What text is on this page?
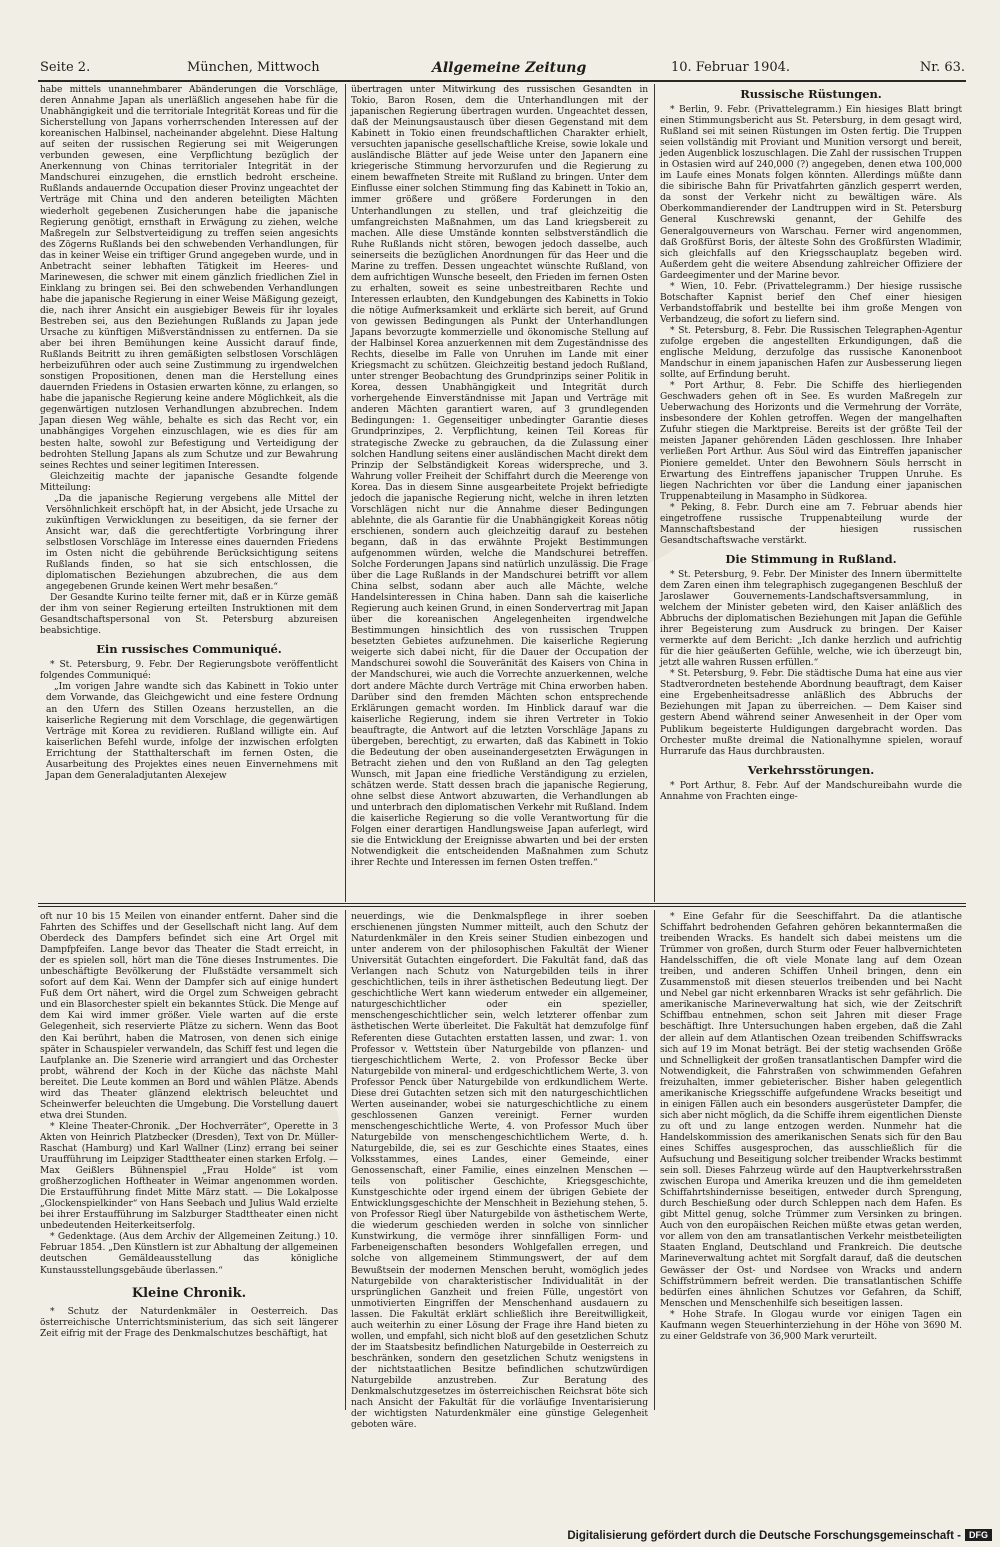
Seite 2.	München, Mittwoch	Allgemeine Zeitung	10. Februar 1904.	Nr. 63.

habe mittels unannehmbarer Abänderungen die Vorschläge, deren Annahme Japan als unerläßlich angesehen habe für die Unabhängigkeit und die territoriale Integrität Koreas und für die Sicherstellung von Japans vorherrschenden Interessen auf der koreanischen Halbinsel, nacheinander abgelehnt. Diese Haltung auf seiten der russischen Regierung sei mit Weigerungen verbunden gewesen, eine Verpflichtung bezüglich der Anerkennung von Chinas territorialer Integrität in der Mandschurei einzugehen, die ernstlich bedroht erscheine. Rußlands andauernde Occupation dieser Provinz ungeachtet der Verträge mit China und den anderen beteiligten Mächten wiederholt gegebenen Zusicherungen habe die japanische Regierung genötigt, ernsthaft in Erwägung zu ziehen, welche Maßregeln zur Selbstverteidigung zu treffen seien angesichts des Zögerns Rußlands bei den schwebenden Verhandlungen, für das in keiner Weise ein triftiger Grund angegeben wurde, und in Anbetracht seiner lebhaften Tätigkeit im Heeres- und Marinewesen, die schwer mit einem gänzlich friedlichen Ziel in Einklang zu bringen sei. Bei den schwebenden Verhandlungen habe die japanische Regierung in einer Weise Mäßigung gezeigt, die, nach ihrer Ansicht ein ausgiebiger Beweis für ihr loyales Bestreben sei, aus den Beziehungen Rußlands zu Japan jede Ursache zu künftigen Mißverständnissen zu entfernen. Da sie aber bei ihren Bemühungen keine Aussicht darauf finde, Rußlands Beitritt zu ihren gemäßigten selbstlosen Vorschlägen herbeizuführen oder auch seine Zustimmung zu irgendwelchen sonstigen Propositionen, denen man die Herstellung eines dauernden Friedens in Ostasien erwarten könne, zu erlangen, so habe die japanische Regierung keine andere Möglichkeit, als die gegenwärtigen nutzlosen Verhandlungen abzubrechen. Indem Japan diesen Weg wähle, behalte es sich das Recht vor, ein unabhängiges Vorgehen einzuschlagen, wie es dies für am besten halte, sowohl zur Befestigung und Verteidigung der bedrohten Stellung Japans als zum Schutze und zur Bewahrung seines Rechtes und seiner legitimen Interessen.

Gleichzeitig machte der japanische Gesandte folgende Mitteilung:

„Da die japanische Regierung vergebens alle Mittel der Versöhnlichkeit erschöpft hat, in der Absicht, jede Ursache zu zukünftigen Verwicklungen zu beseitigen, da sie ferner der Ansicht war, daß die gerechtfertigte Vorbringung ihrer selbstlosen Vorschläge im Interesse eines dauernden Friedens im Osten nicht die gebührende Berücksichtigung seitens Rußlands finden, so hat sie sich entschlossen, die diplomatischen Beziehungen abzubrechen, die aus dem angegebenen Grunde keinen Wert mehr besaßen.“

Der Gesandte Kurino teilte ferner mit, daß er in Kürze gemäß der ihm von seiner Regierung erteilten Instruktionen mit dem Gesandtschaftspersonal von St. Petersburg abzureisen beabsichtige.

Ein russisches Communiqué.

* St. Petersburg, 9. Febr. Der Regierungsbote veröffentlicht folgendes Communiqué:

„Im vorigen Jahre wandte sich das Kabinett in Tokio unter dem Vorwande, das Gleichgewicht und eine festere Ordnung an den Ufern des Stillen Ozeans herzustellen, an die kaiserliche Regierung mit dem Vorschlage, die gegenwärtigen Verträge mit Korea zu revidieren. Rußland willigte ein. Auf kaiserlichen Befehl wurde, infolge der inzwischen erfolgten Errichtung der Statthalterschaft im fernen Osten, die Ausarbeitung des Projektes eines neuen Einvernehmens mit Japan dem Generaladjutanten Alexejew

übertragen unter Mitwirkung des russischen Gesandten in Tokio, Baron Rosen, dem die Unterhandlungen mit der japanischen Regierung übertragen wurden. Ungeachtet dessen, daß der Meinungsaustausch über diesen Gegenstand mit dem Kabinett in Tokio einen freundschaftlichen Charakter erhielt, versuchten japanische gesellschaftliche Kreise, sowie lokale und ausländische Blätter auf jede Weise unter den Japanern eine kriegerische Stimmung hervorzurufen und die Regierung zu einem bewaffneten Streite mit Rußland zu bringen. Unter dem Einflusse einer solchen Stimmung fing das Kabinett in Tokio an, immer größere und größere Forderungen in den Unterhandlungen zu stellen, und traf gleichzeitig die umfangreichsten Maßnahmen, um das Land kriegsbereit zu machen. Alle diese Umstände konnten selbstverständlich die Ruhe Rußlands nicht stören, bewogen jedoch dasselbe, auch seinerseits die bezüglichen Anordnungen für das Heer und die Marine zu treffen. Dessen ungeachtet wünschte Rußland, von dem aufrichtigen Wunsche beseelt, den Frieden im fernen Osten zu erhalten, soweit es seine unbestreitbaren Rechte und Interessen erlaubten, den Kundgebungen des Kabinetts in Tokio die nötige Aufmerksamkeit und erklärte sich bereit, auf Grund von gewissen Bedingungen als Punkt der Unterhandlungen Japans bevorzugte kommerzielle und ökonomische Stellung auf der Halbinsel Korea anzuerkennen mit dem Zugeständnisse des Rechts, dieselbe im Falle von Unruhen im Lande mit einer Kriegsmacht zu schützen. Gleichzeitig bestand jedoch Rußland, unter strenger Beobachtung des Grundprinzips seiner Politik in Korea, dessen Unabhängigkeit und Integrität durch vorhergehende Einverständnisse mit Japan und Verträge mit anderen Mächten garantiert waren, auf 3 grundlegenden Bedingungen: 1. Gegenseitiger unbedingter Garantie dieses Grundprinzipes, 2. Verpflichtung, keinen Teil Koreas für strategische Zwecke zu gebrauchen, da die Zulassung einer solchen Handlung seitens einer ausländischen Macht direkt dem Prinzip der Selbständigkeit Koreas widerspreche, und 3. Wahrung voller Freiheit der Schiffahrt durch die Meerenge von Korea. Das in diesem Sinne ausgearbeitete Projekt befriedigte jedoch die japanische Regierung nicht, welche in ihren letzten Vorschlägen nicht nur die Annahme dieser Bedingungen ablehnte, die als Garantie für die Unabhängigkeit Koreas nötig erschienen, sondern auch gleichzeitig darauf zu bestehen begann, daß in das erwähnte Projekt Bestimmungen aufgenommen würden, welche die Mandschurei betreffen. Solche Forderungen Japans sind natürlich unzulässig. Die Frage über die Lage Rußlands in der Mandschurei betrifft vor allem China selbst, sodann aber auch alle Mächte, welche Handelsinteressen in China haben. Dann sah die kaiserliche Regierung auch keinen Grund, in einen Sondervertrag mit Japan über die koreanischen Angelegenheiten irgendwelche Bestimmungen hinsichtlich des von russischen Truppen besetzten Gebietes aufzunehmen. Die kaiserliche Regierung weigerte sich dabei nicht, für die Dauer der Occupation der Mandschurei sowohl die Souveränität des Kaisers von China in der Mandschurei, wie auch die Vorrechte anzuerkennen, welche dort andere Mächte durch Verträge mit China erworben haben. Darüber sind den fremden Mächten schon entsprechende Erklärungen gemacht worden. Im Hinblick darauf war die kaiserliche Regierung, indem sie ihren Vertreter in Tokio beauftragte, die Antwort auf die letzten Vorschläge Japans zu übergeben, berechtigt, zu erwarten, daß das Kabinett in Tokio die Bedeutung der oben auseinandergesetzten Erwägungen in Betracht ziehen und den von Rußland an den Tag gelegten Wunsch, mit Japan eine friedliche Verständigung zu erzielen, schätzen werde. Statt dessen brach die japanische Regierung, ohne selbst diese Antwort abzuwarten, die Verhandlungen ab und unterbrach den diplomatischen Verkehr mit Rußland. Indem die kaiserliche Regierung so die volle Verantwortung für die Folgen einer derartigen Handlungsweise Japan auferlegt, wird sie die Entwicklung der Ereignisse abwarten und bei der ersten Notwendigkeit die entscheidenden Maßnahmen zum Schutz ihrer Rechte und Interessen im fernen Osten treffen.“

Russische Rüstungen.

* Berlin, 9. Febr. (Privattelegramm.) Ein hiesiges Blatt bringt einen Stimmungsbericht aus St. Petersburg, in dem gesagt wird, Rußland sei mit seinen Rüstungen im Osten fertig. Die Truppen seien vollständig mit Proviant und Munition versorgt und bereit, jeden Augenblick loszuschlagen. Die Zahl der russischen Truppen in Ostasien wird auf 240,000 (?) angegeben, denen etwa 100,000 im Laufe eines Monats folgen könnten. Allerdings müßte dann die sibirische Bahn für Privatfahrten gänzlich gesperrt werden, da sonst der Verkehr nicht zu bewältigen wäre. Als Oberkommandierender der Landtruppen wird in St. Petersburg General Kuschrewski genannt, der Gehilfe des Generalgouverneurs von Warschau. Ferner wird angenommen, daß Großfürst Boris, der älteste Sohn des Großfürsten Wladimir, sich gleichfalls auf den Kriegsschauplatz begeben wird. Außerdem geht die weitere Absendung zahlreicher Offiziere der Gardeegimenter und der Marine bevor.

* Wien, 10. Febr. (Privattelegramm.) Der hiesige russische Botschafter Kapnist berief den Chef einer hiesigen Verbandstoffabrik und bestellte bei ihm große Mengen von Verbandzeug, die sofort zu liefern sind.

* St. Petersburg, 8. Febr. Die Russischen Telegraphen-Agentur zufolge ergeben die angestellten Erkundigungen, daß die englische Meldung, derzufolge das russische Kanonenboot Mandschur in einem japanischen Hafen zur Ausbesserung liegen sollte, auf Erfindung beruht.

* Port Arthur, 8. Febr. Die Schiffe des hierliegenden Geschwaders gehen oft in See. Es wurden Maßregeln zur Ueberwachung des Horizonts und die Vermehrung der Vorräte, insbesondere der Kohlen getroffen. Wegen der mangelhaften Zufuhr stiegen die Marktpreise. Bereits ist der größte Teil der meisten Japaner gehörenden Läden geschlossen. Ihre Inhaber verließen Port Arthur. Aus Söul wird das Eintreffen japanischer Pioniere gemeldet. Unter den Bewohnern Söuls herrscht in Erwartung des Eintreffens japanischer Truppen Unruhe. Es liegen Nachrichten vor über die Landung einer japanischen Truppenabteilung in Masampho in Südkorea.

* Peking, 8. Febr. Durch eine am 7. Februar abends hier eingetroffene russische Truppenabteilung wurde der Mannschaftsbestand der hiesigen russischen Gesandtschaftswache verstärkt.

Die Stimmung in Rußland.

* St. Petersburg, 9. Febr. Der Minister des Innern übermittelte dem Zaren einen ihm telegraphisch zugegangenen Beschluß der Jaroslawer Gouvernements-Landschaftsversammlung, in welchem der Minister gebeten wird, den Kaiser anläßlich des Abbruchs der diplomatischen Beziehungen mit Japan die Gefühle ihrer Begeisterung zum Ausdruck zu bringen. Der Kaiser vermerkte auf dem Bericht: „Ich danke herzlich und aufrichtig für die hier geäußerten Gefühle, welche, wie ich überzeugt bin, jetzt alle wahren Russen erfüllen.“

* St. Petersburg, 9. Febr. Die städtische Duma hat eine aus vier Stadtverordneten bestehende Abordnung beauftragt, dem Kaiser eine Ergebenheitsadresse anläßlich des Abbruchs der Beziehungen mit Japan zu überreichen. — Dem Kaiser sind gestern Abend während seiner Anwesenheit in der Oper vom Publikum begeisterte Huldigungen dargebracht worden. Das Orchester mußte dreimal die Nationalhymne spielen, worauf Hurrarufe das Haus durchbrausten.

Verkehrsstörungen.

* Port Arthur, 8. Febr. Auf der Mandschureibahn wurde die Annahme von Frachten einge-

oft nur 10 bis 15 Meilen von einander entfernt. Daher sind die Fahrten des Schiffes und der Gesellschaft nicht lang. Auf dem Oberdeck des Dampfers befindet sich eine Art Orgel mit Dampfpfeifen. Lange bevor das Theater die Stadt erreicht, in der es spielen soll, hört man die Töne dieses Instrumentes. Die unbeschäftigte Bevölkerung der Flußstädte versammelt sich sofort auf dem Kai. Wenn der Dampfer sich auf einige hundert Fuß dem Ort nähert, wird die Orgel zum Schweigen gebracht und ein Blasorchester spielt ein bekanntes Stück. Die Menge auf dem Kai wird immer größer. Viele warten auf die erste Gelegenheit, sich reservierte Plätze zu sichern. Wenn das Boot den Kai berührt, haben die Matrosen, von denen sich einige später in Schauspieler verwandeln, das Schiff fest und legen die Laufplanke an. Die Szenerie wird arrangiert und das Orchester probt, während der Koch in der Küche das nächste Mahl bereitet. Die Leute kommen an Bord und wählen Plätze. Abends wird das Theater glänzend elektrisch beleuchtet und Scheinwerfer beleuchten die Umgebung. Die Vorstellung dauert etwa drei Stunden.

* Kleine Theater-Chronik. „Der Hochverräter“, Operette in 3 Akten von Heinrich Platzbecker (Dresden), Text von Dr. Müller-Raschat (Hamburg) und Karl Wallner (Linz) errang bei seiner Uraufführung im Leipziger Stadttheater einen starken Erfolg. — Max Geißlers Bühnenspiel „Frau Holde“ ist vom großherzoglichen Hoftheater in Weimar angenommen worden. Die Erstaufführung findet Mitte März statt. — Die Lokalposse „Glockenspielkinder“ von Hans Seebach und Julius Wald erzielte bei ihrer Erstaufführung im Salzburger Stadttheater einen nicht unbedeutenden Heiterkeitserfolg.

* Gedenktage. (Aus dem Archiv der Allgemeinen Zeitung.) 10. Februar 1854. „Den Künstlern ist zur Abhaltung der allgemeinen deutschen Gemäldeausstellung das königliche Kunstausstellungsgebäude überlassen.“

Kleine Chronik.

* Schutz der Naturdenkmäler in Oesterreich. Das österreichische Unterrichtsministerium, das sich seit längerer Zeit eifrig mit der Frage des Denkmalschutzes beschäftigt, hat

neuerdings, wie die Denkmalspflege in ihrer soeben erschienenen jüngsten Nummer mitteilt, auch den Schutz der Naturdenkmäler in den Kreis seiner Studien einbezogen und unter anderem von der philosophischen Fakultät der Wiener Universität Gutachten eingefordert. Die Fakultät fand, daß das Verlangen nach Schutz von Naturgebilden teils in ihrer geschichtlichen, teils in ihrer ästhetischen Bedeutung liegt. Der geschichtliche Wert kann wiederum entweder ein allgemeiner, naturgeschichtlicher oder ein spezieller, menschengeschichtlicher sein, welch letzterer offenbar zum ästhetischen Werte überleitet. Die Fakultät hat demzufolge fünf Referenten diese Gutachten erstatten lassen, und zwar: 1. von Professor v. Wettstein über Naturgebilde von pflanzen- und tiergeschichtlichem Werte, 2. von Professor Becke über Naturgebilde von mineral- und erdgeschichtlichem Werte, 3. von Professor Penck über Naturgebilde von erdkundlichem Werte. Diese drei Gutachten setzen sich mit den naturgeschichtlichen Werten auseinander, wobei sie naturgeschichtliche zu einem geschlossenen Ganzen vereinigt. Ferner wurden menschengeschichtliche Werte, 4. von Professor Much über Naturgebilde von menschengeschichtlichem Werte, d. h. Naturgebilde, die, sei es zur Geschichte eines Staates, eines Volksstammes, eines Landes, einer Gemeinde, einer Genossenschaft, einer Familie, eines einzelnen Menschen — teils von politischer Geschichte, Kriegsgeschichte, Kunstgeschichte oder irgend einem der übrigen Gebiete der Entwicklungsgeschichte der Menschheit in Beziehung stehen, 5. von Professor Riegl über Naturgebilde von ästhetischem Werte, die wiederum geschieden werden in solche von sinnlicher Kunstwirkung, die vermöge ihrer sinnfälligen Form- und Farbeneigenschaften besonders Wohlgefallen erregen, und solche von allgemeinem Stimmungswert, der auf dem Bewußtsein der modernen Menschen beruht, womöglich jedes Naturgebilde von charakteristischer Individualität in der ursprünglichen Ganzheit und freien Fülle, ungestört von unmotivierten Eingriffen der Menschenhand ausdauern zu lassen. Die Fakultät erklärt schließlich ihre Bereitwilligkeit, auch weiterhin zu einer Lösung der Frage ihre Hand bieten zu wollen, und empfahl, sich nicht bloß auf den gesetzlichen Schutz der im Staatsbesitz befindlichen Naturgebilde in Oesterreich zu beschränken, sondern den gesetzlichen Schutz wenigstens in der nichtstaatlichen Besitze befindlichen schutzwürdigen Naturgebilde anzustreben. Zur Beratung des Denkmalschutzgesetzes im österreichischen Reichsrat böte sich nach Ansicht der Fakultät für die vorläufige Inventarisierung der wichtigsten Naturdenkmäler eine günstige Gelegenheit geboten wäre.

* Eine Gefahr für die Seeschiffahrt. Da die atlantische Schiffahrt bedrohenden Gefahren gehören bekanntermaßen die treibenden Wracks. Es handelt sich dabei meistens um die Trümmer von großen, durch Sturm oder Feuer halbvernichteten Handelsschiffen, die oft viele Monate lang auf dem Ozean treiben, und anderen Schiffen Unheil bringen, denn ein Zusammenstoß mit diesen steuerlos treibenden und bei Nacht und Nebel gar nicht erkennbaren Wracks ist sehr gefährlich. Die amerikanische Marineverwaltung hat sich, wie der Zeitschrift Schiffbau entnehmen, schon seit Jahren mit dieser Frage beschäftigt. Ihre Untersuchungen haben ergeben, daß die Zahl der allein auf dem Atlantischen Ozean treibenden Schiffswracks sich auf 19 im Monat beträgt. Bei der stetig wachsenden Größe und Schnelligkeit der großen transatlantischen Dampfer wird die Notwendigkeit, die Fahrstraßen von schwimmenden Gefahren freizuhalten, immer gebieterischer. Bisher haben gelegentlich amerikanische Kriegsschiffe aufgefundene Wracks beseitigt und in einigen Fällen auch ein besonders ausgerüsteter Dampfer, die sich aber nicht möglich, da die Schiffe ihrem eigentlichen Dienste zu oft und zu lange entzogen werden. Nunmehr hat die Handelskommission des amerikanischen Senats sich für den Bau eines Schiffes ausgesprochen, das ausschließlich für die Aufsuchung und Beseitigung solcher treibender Wracks bestimmt sein soll. Dieses Fahrzeug würde auf den Hauptverkehrsstraßen zwischen Europa und Amerika kreuzen und die ihm gemeldeten Schiffahrtshindernisse beseitigen, entweder durch Sprengung, durch Beschießung oder durch Schleppen nach dem Hafen. Es gibt Mittel genug, solche Trümmer zum Versinken zu bringen. Auch von den europäischen Reichen müßte etwas getan werden, vor allem von den am transatlantischen Verkehr meistbeteiligten Staaten England, Deutschland und Frankreich. Die deutsche Marineverwaltung achtet mit Sorgfalt darauf, daß die deutschen Gewässer der Ost- und Nordsee von Wracks und andern Schiffstrümmern befreit werden. Die transatlantischen Schiffe bedürfen eines ähnlichen Schutzes vor Gefahren, da Schiff, Menschen und Menschenhilfe sich beseitigen lassen.

* Hohe Strafe. In Glogau wurde vor einigen Tagen ein Kaufmann wegen Steuerhinterziehung in der Höhe von 3690 M. zu einer Geldstrafe von 36,900 Mark verurteilt.

Digitalisierung gefördert durch die Deutsche Forschungsgemeinschaft - DFG
